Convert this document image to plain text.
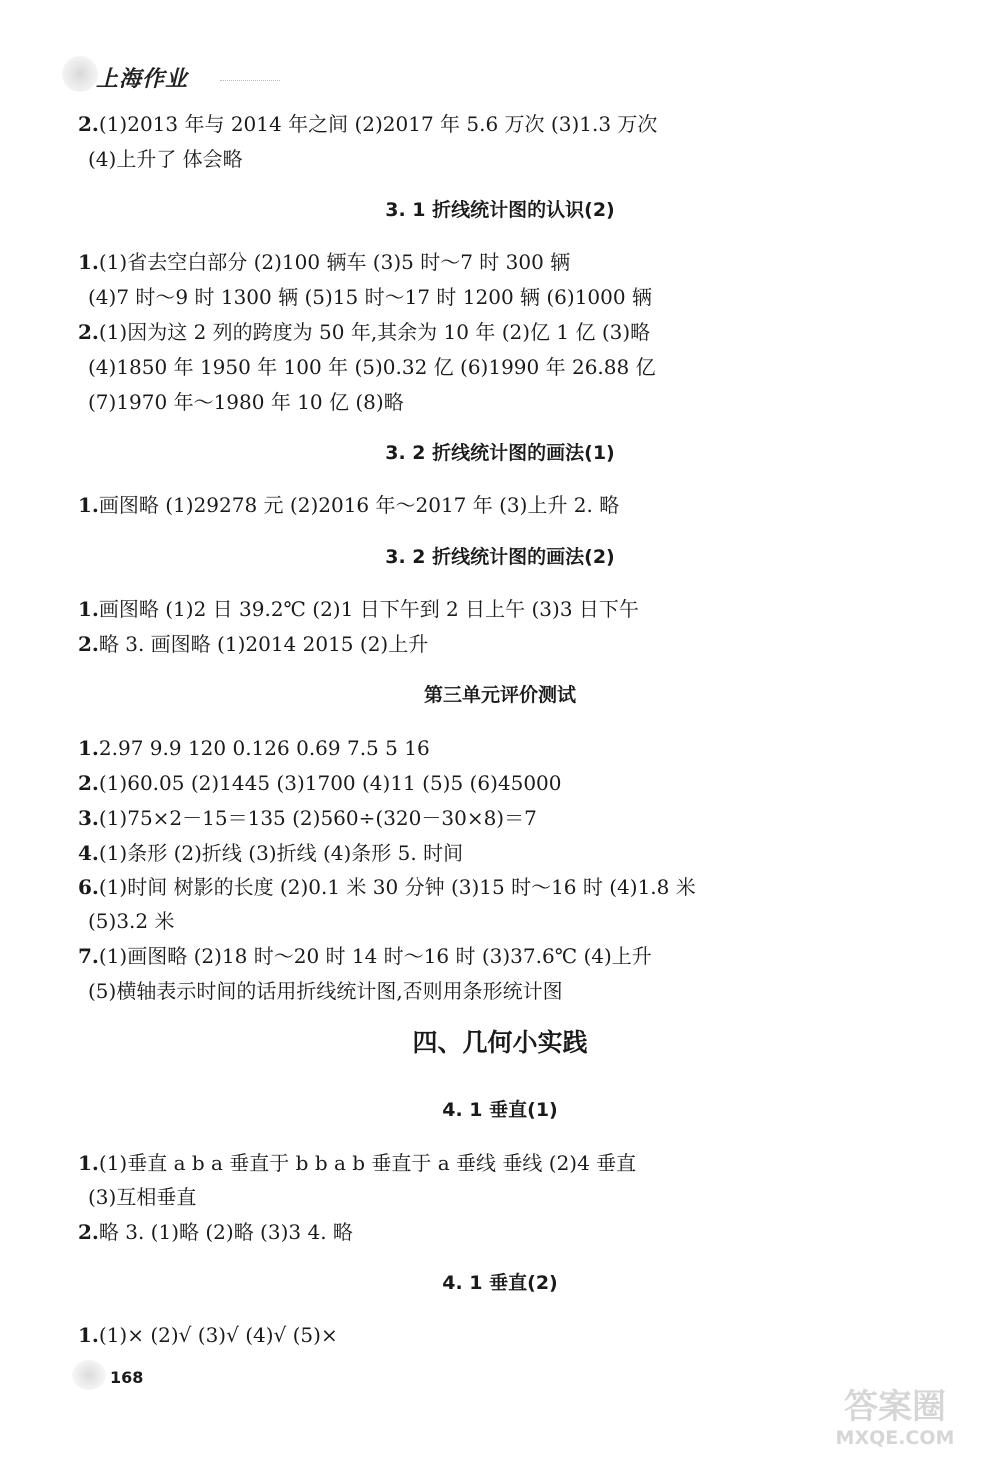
上海作业
2.(1)2013 年与 2014 年之间 (2)2017 年 5.6 万次 (3)1.3 万次
(4)上升了 体会略
3. 1 折线统计图的认识(2)
1.(1)省去空白部分 (2)100 辆车 (3)5 时～7 时 300 辆
(4)7 时～9 时 1300 辆 (5)15 时～17 时 1200 辆 (6)1000 辆
2.(1)因为这 2 列的跨度为 50 年,其余为 10 年 (2)亿 1 亿 (3)略
(4)1850 年 1950 年 100 年 (5)0.32 亿 (6)1990 年 26.88 亿
(7)1970 年～1980 年 10 亿 (8)略
3. 2 折线统计图的画法(1)
1.画图略 (1)29278 元 (2)2016 年～2017 年 (3)上升 2. 略
3. 2 折线统计图的画法(2)
1.画图略 (1)2 日 39.2℃ (2)1 日下午到 2 日上午 (3)3 日下午
2.略 3. 画图略 (1)2014 2015 (2)上升
第三单元评价测试
1.2.97 9.9 120 0.126 0.69 7.5 5 16
2.(1)60.05 (2)1445 (3)1700 (4)11 (5)5 (6)45000
3.(1)75×2－15＝135 (2)560÷(320－30×8)＝7
4.(1)条形 (2)折线 (3)折线 (4)条形 5. 时间
6.(1)时间 树影的长度 (2)0.1 米 30 分钟 (3)15 时～16 时 (4)1.8 米
(5)3.2 米
7.(1)画图略 (2)18 时～20 时 14 时～16 时 (3)37.6℃ (4)上升
(5)横轴表示时间的话用折线统计图,否则用条形统计图
四、几何小实践
4. 1 垂直(1)
1.(1)垂直 a b a 垂直于 b b a b 垂直于 a 垂线 垂线 (2)4 垂直
(3)互相垂直
2.略 3. (1)略 (2)略 (3)3 4. 略
4. 1 垂直(2)
1.(1)× (2)√ (3)√ (4)√ (5)×
168
答案圈
MXQE.COM
